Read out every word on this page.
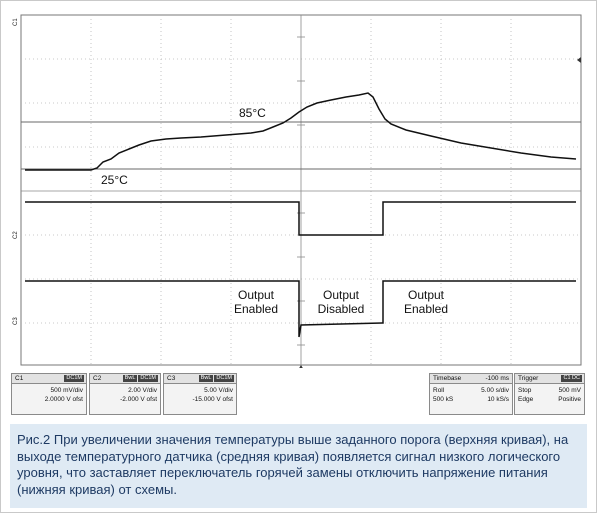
C1
C2
C3
85°C
25°C
Output
Enabled
Output
Disabled
Output
Enabled
C1	DC1M
500 mV/div
2.0000 V ofst
C2	BwL DC1M
2.00 V/div
-2.000 V ofst
C3	BwL DC1M
5.00 V/div
-15.000 V ofst
Timebase	-100 ms
Roll	5.00 s/div
500 kS	10 kS/s
Trigger	C1 DC
Stop	500 mV
Edge	Positive

Рис.2 При увеличении значения температуры выше заданного порога (верхняя кривая), на выходе температурного датчика (средняя кривая) появляется сигнал низкого логического уровня, что заставляет переключатель горячей замены отключить напряжение питания (нижняя кривая) от схемы.
